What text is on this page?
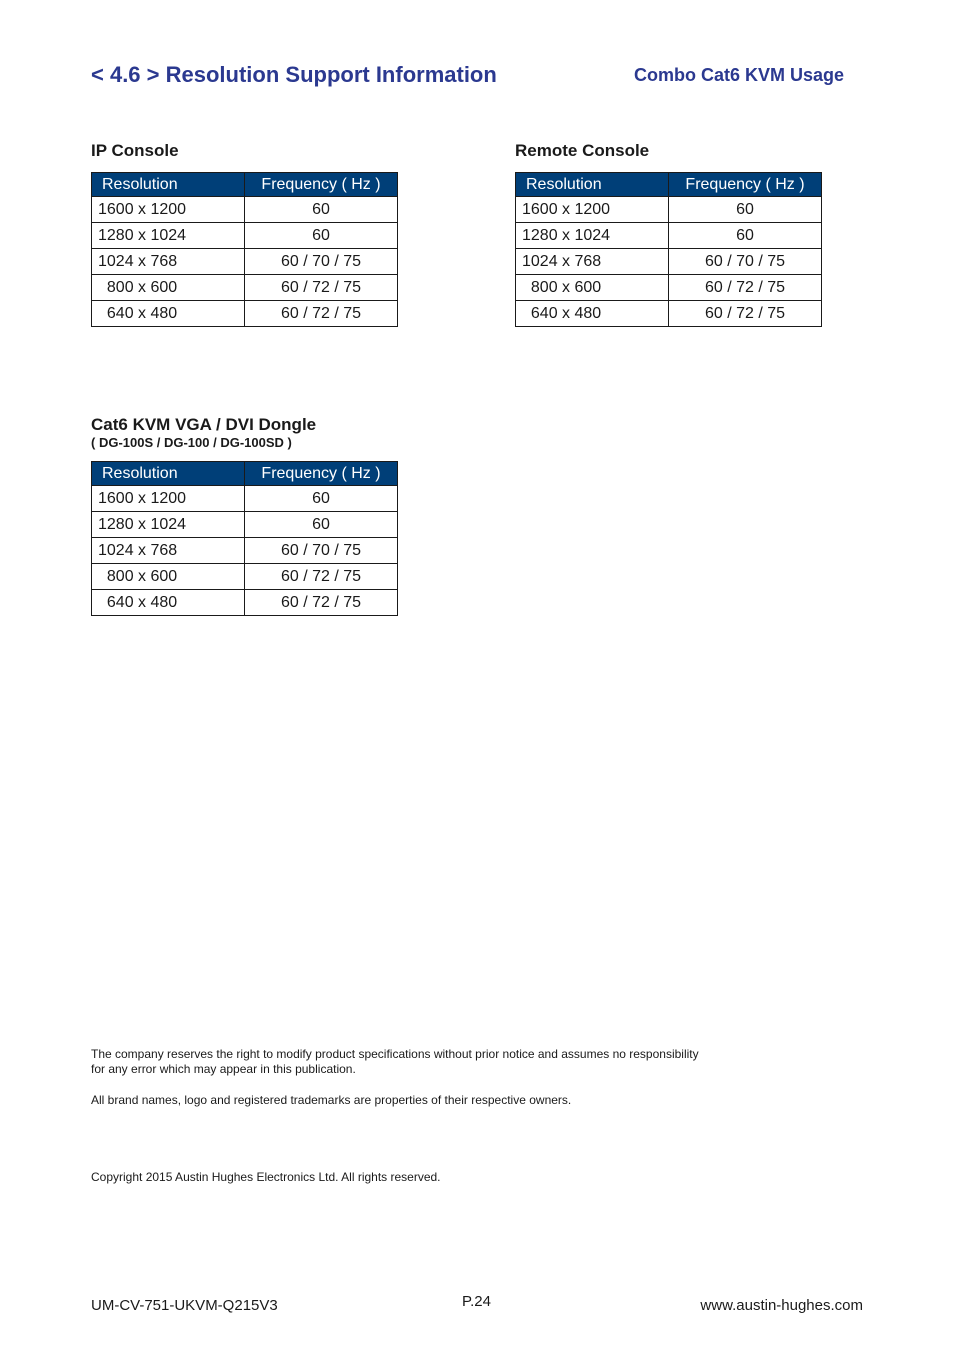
< 4.6 > Resolution Support Information	Combo Cat6 KVM Usage
IP Console
Resolution	Frequency ( Hz )
1600 x 1200	60
1280 x 1024	60
1024 x 768	60 / 70 / 75
800 x 600	60 / 72 / 75
640 x 480	60 / 72 / 75
Remote Console
Resolution	Frequency ( Hz )
1600 x 1200	60
1280 x 1024	60
1024 x 768	60 / 70 / 75
800 x 600	60 / 72 / 75
640 x 480	60 / 72 / 75
Cat6 KVM VGA / DVI Dongle
( DG-100S / DG-100 / DG-100SD )
Resolution	Frequency ( Hz )
1600 x 1200	60
1280 x 1024	60
1024 x 768	60 / 70 / 75
800 x 600	60 / 72 / 75
640 x 480	60 / 72 / 75
The company reserves the right to modify product specifications without prior notice and assumes no responsibility
for any error which may appear in this publication.
All brand names, logo and registered trademarks are properties of their respective owners.
Copyright 2015 Austin Hughes Electronics Ltd. All rights reserved.
UM-CV-751-UKVM-Q215V3	P.24	www.austin-hughes.com
